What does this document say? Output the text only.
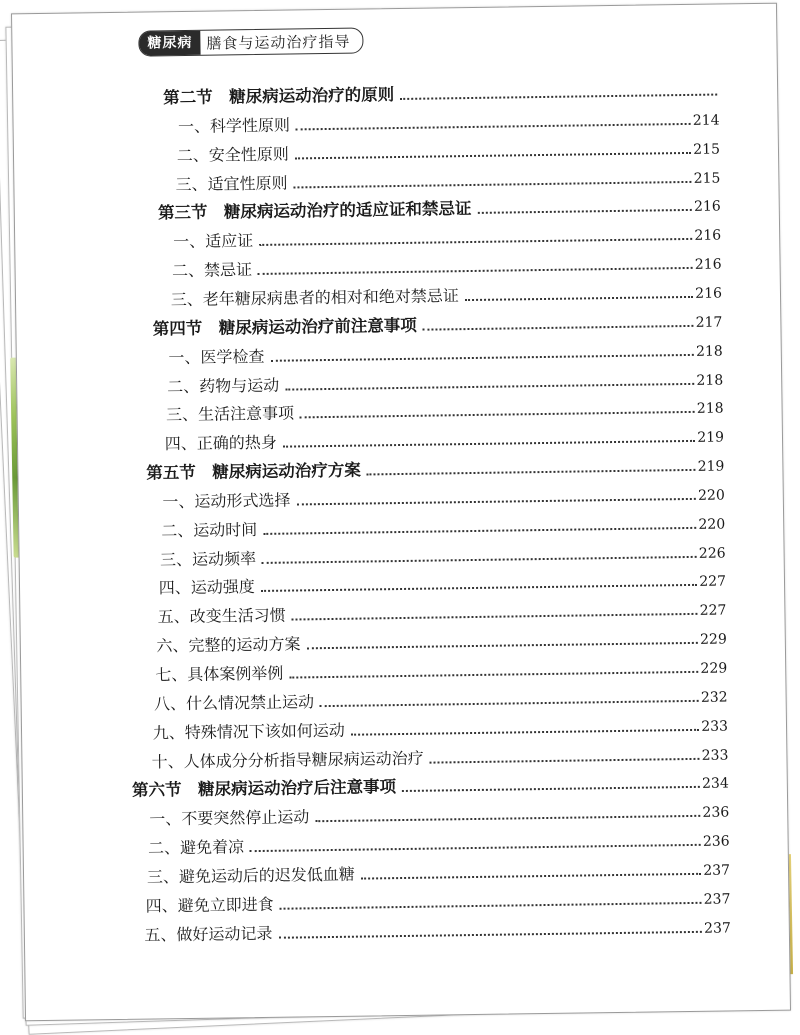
糖尿病 膳食与运动治疗指导
第二节　糖尿病运动治疗的原则
一、科学性原则	214
二、安全性原则	215
三、适宜性原则	215
第三节　糖尿病运动治疗的适应证和禁忌证	216
一、适应证	216
二、禁忌证	216
三、老年糖尿病患者的相对和绝对禁忌证	216
第四节　糖尿病运动治疗前注意事项	217
一、医学检查	218
二、药物与运动	218
三、生活注意事项	218
四、正确的热身	219
第五节　糖尿病运动治疗方案	219
一、运动形式选择	220
二、运动时间	220
三、运动频率	226
四、运动强度	227
五、改变生活习惯	227
六、完整的运动方案	229
七、具体案例举例	229
八、什么情况禁止运动	232
九、特殊情况下该如何运动	233
十、人体成分分析指导糖尿病运动治疗	233
第六节　糖尿病运动治疗后注意事项	234
一、不要突然停止运动	236
二、避免着凉	236
三、避免运动后的迟发低血糖	237
四、避免立即进食	237
五、做好运动记录	237
